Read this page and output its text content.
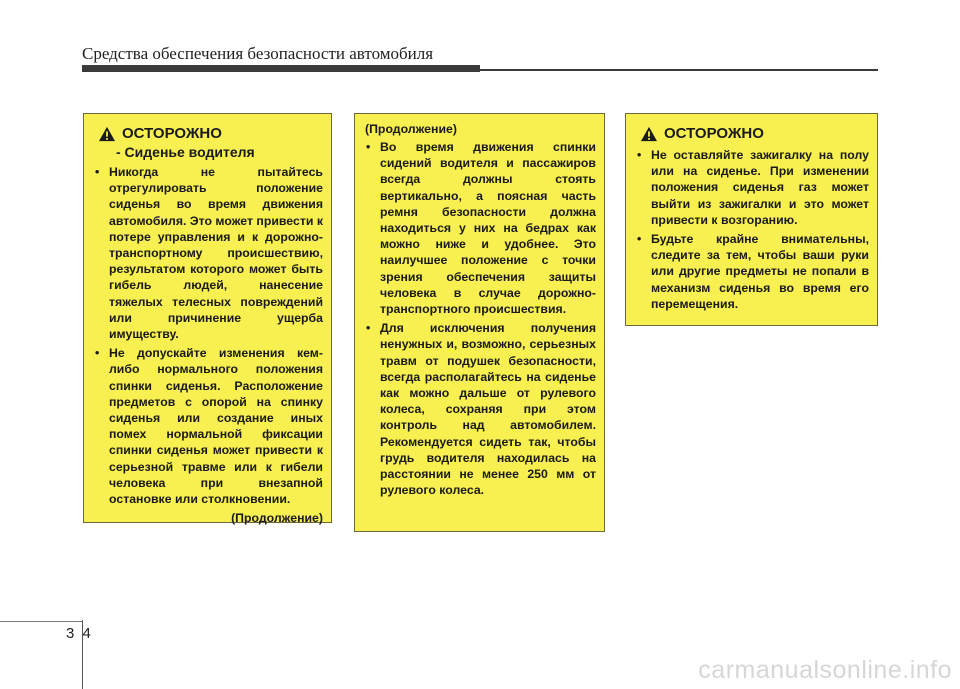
Средства обеспечения безопасности автомобиля
ОСТОРОЖНО
- Сиденье водителя
• Никогда не пытайтесь отрегулировать положение сиденья во время движения автомобиля. Это может привести к потере управления и к дорожно-транспортному происшествию, результатом которого может быть гибель людей, нанесение тяжелых телесных повреждений или причинение ущерба имуществу.
• Не допускайте изменения кем-либо нормального положения спинки сиденья. Расположение предметов с опорой на спинку сиденья или создание иных помех нормальной фиксации спинки сиденья может привести к серьезной травме или к гибели человека при внезапной остановке или столкновении.
(Продолжение)
(Продолжение)
• Во время движения спинки сидений водителя и пассажиров всегда должны стоять вертикально, а поясная часть ремня безопасности должна находиться у них на бедрах как можно ниже и удобнее. Это наилучшее положение с точки зрения обеспечения защиты человека в случае дорожно-транспортного происшествия.
• Для исключения получения ненужных и, возможно, серьезных травм от подушек безопасности, всегда располагайтесь на сиденье как можно дальше от рулевого колеса, сохраняя при этом контроль над автомобилем. Рекомендуется сидеть так, чтобы грудь водителя находилась на расстоянии не менее 250 мм от рулевого колеса.
ОСТОРОЖНО
• Не оставляйте зажигалку на полу или на сиденье. При изменении положения сиденья газ может выйти из зажигалки и это может привести к возгоранию.
• Будьте крайне внимательны, следите за тем, чтобы ваши руки или другие предметы не попали в механизм сиденья во время его перемещения.
3 4
carmanualsonline.info
